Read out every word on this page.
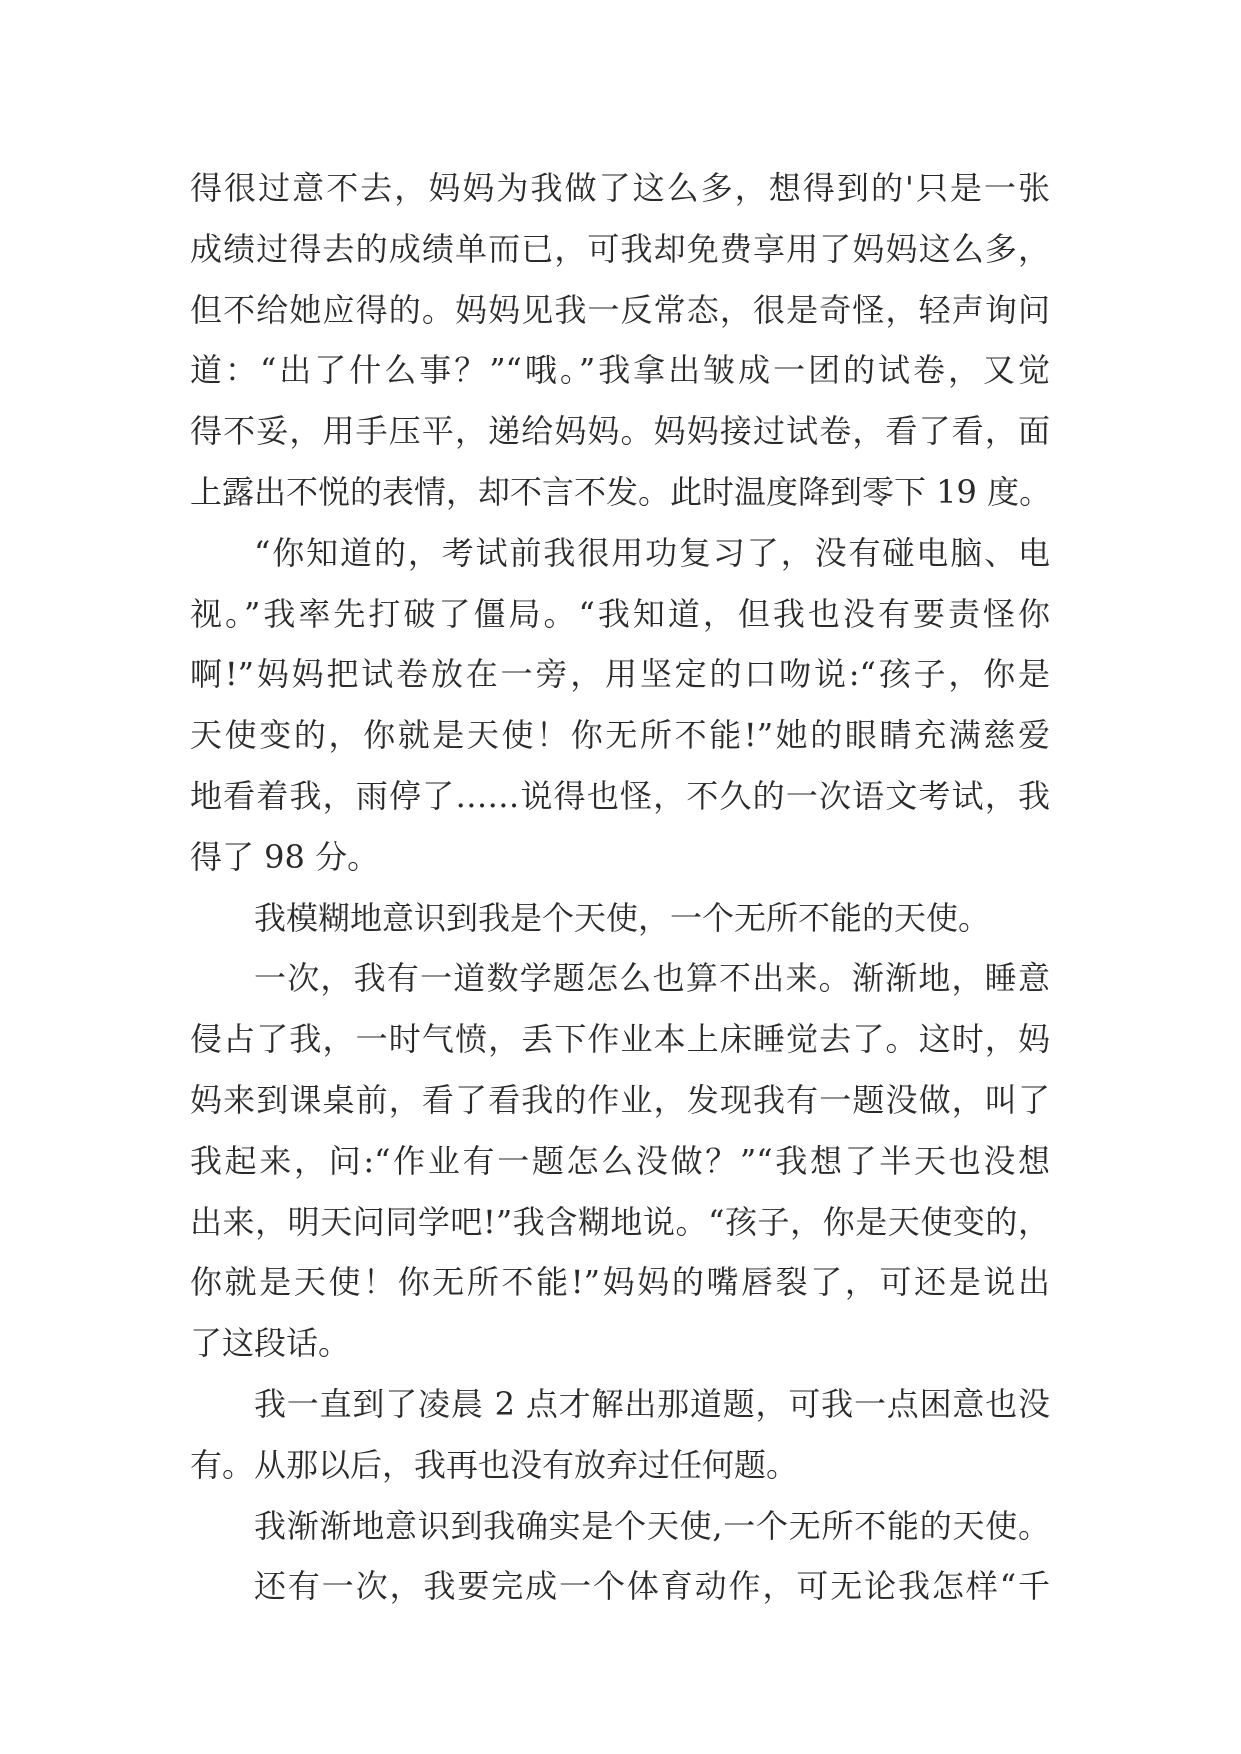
得很过意不去，妈妈为我做了这么多，想得到的'只是一张
成绩过得去的成绩单而已，可我却免费享用了妈妈这么多，
但不给她应得的。妈妈见我一反常态，很是奇怪，轻声询问
道：“出了什么事？”“哦。”我拿出皱成一团的试卷，又觉
得不妥，用手压平，递给妈妈。妈妈接过试卷，看了看，面
上露出不悦的表情，却不言不发。此时温度降到零下 19 度。
“你知道的，考试前我很用功复习了，没有碰电脑、电
视。”我率先打破了僵局。“我知道，但我也没有要责怪你
啊!”妈妈把试卷放在一旁，用坚定的口吻说:“孩子，你是
天使变的，你就是天使！你无所不能!”她的眼睛充满慈爱
地看着我，雨停了……说得也怪，不久的一次语文考试，我
得了 98 分。
我模糊地意识到我是个天使，一个无所不能的天使。
一次，我有一道数学题怎么也算不出来。渐渐地，睡意
侵占了我，一时气愤，丢下作业本上床睡觉去了。这时，妈
妈来到课桌前，看了看我的作业，发现我有一题没做，叫了
我起来，问:“作业有一题怎么没做？”“我想了半天也没想
出来，明天问同学吧!”我含糊地说。“孩子，你是天使变的，
你就是天使！你无所不能!”妈妈的嘴唇裂了，可还是说出
了这段话。
我一直到了凌晨 2 点才解出那道题，可我一点困意也没
有。从那以后，我再也没有放弃过任何题。
我渐渐地意识到我确实是个天使,一个无所不能的天使。
还有一次，我要完成一个体育动作，可无论我怎样“千
